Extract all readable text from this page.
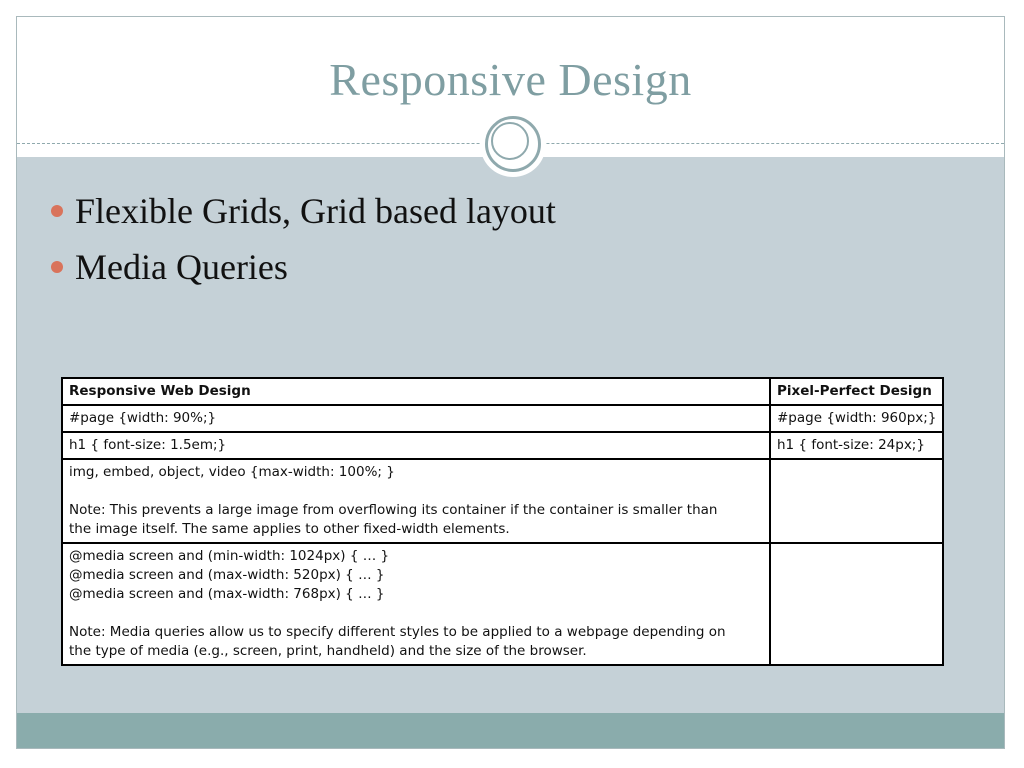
Responsive Design
Flexible Grids, Grid based layout
Media Queries
Responsive Web Design	Pixel-Perfect Design

#page {width: 90%;}	#page {width: 960px;}

h1 { font-size: 1.5em;}	h1 { font-size: 24px;}

img, embed, object, video {max-width: 100%; }
Note: This prevents a large image from overflowing its container if the container is smaller than
the image itself. The same applies to other fixed-width elements.	

@media screen and (min-width: 1024px) { … }
@media screen and (max-width: 520px) { … }
@media screen and (max-width: 768px) { … }
Note: Media queries allow us to specify different styles to be applied to a webpage depending on
the type of media (e.g., screen, print, handheld) and the size of the browser.	
